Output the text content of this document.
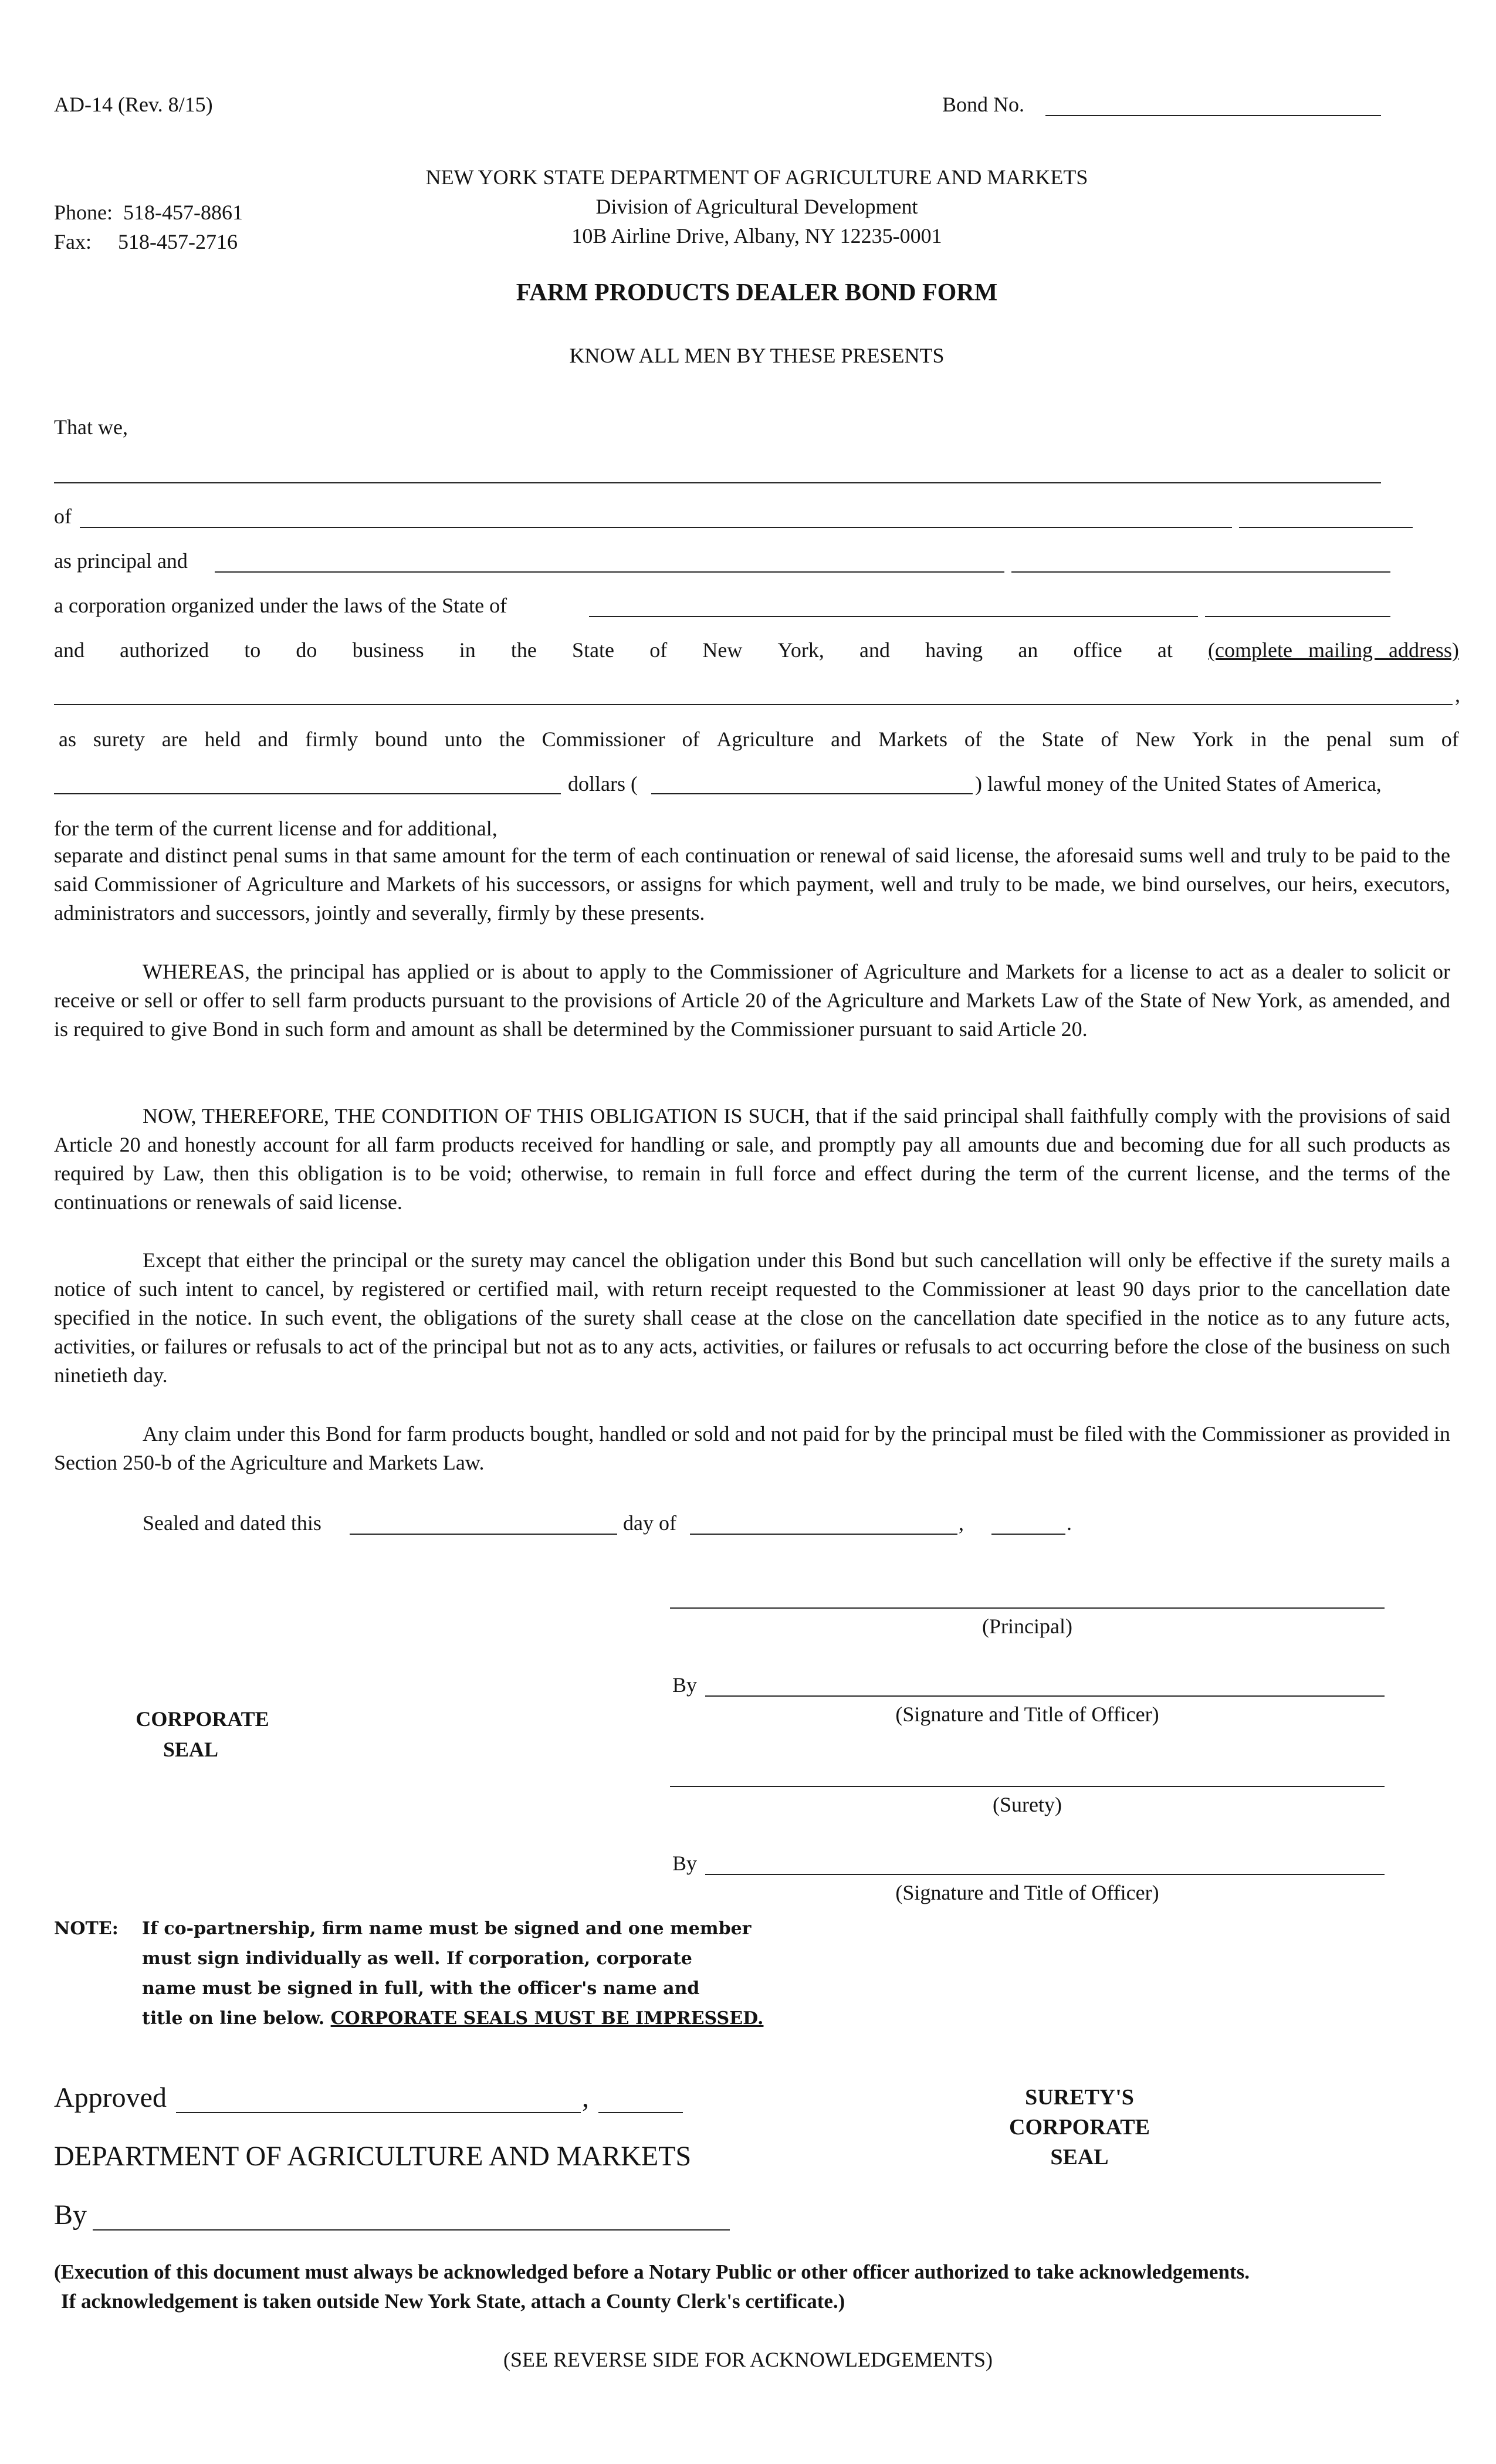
AD-14 (Rev. 8/15)	Bond No.
NEW YORK STATE DEPARTMENT OF AGRICULTURE AND MARKETS
Division of Agricultural Development
10B Airline Drive, Albany, NY 12235-0001
Phone:  518-457-8861
Fax:     518-457-2716
FARM PRODUCTS DEALER BOND FORM
KNOW ALL MEN BY THESE PRESENTS
That we,
of
as principal and
a corporation organized under the laws of the State of
and authorized to do business in the State of New York, and having an office at (complete   mailing   address)
,
as surety are held and firmly bound unto the Commissioner of Agriculture and Markets of the State of New York in the penal sum of
dollars (	) lawful money of the United States of America,
for the term of the current license and for additional,
separate and distinct penal sums in that same amount for the term of each continuation or renewal of said license, the aforesaid sums well and truly to be paid to the said Commissioner of Agriculture and Markets of his successors, or assigns for which payment, well and truly to be made, we bind ourselves, our heirs, executors, administrators and successors, jointly and severally, firmly by these presents.
WHEREAS, the principal has applied or is about to apply to the Commissioner of Agriculture and Markets for a license to act as a dealer to solicit or receive or sell or offer to sell farm products pursuant to the provisions of Article 20 of the Agriculture and Markets Law of the State of New York, as amended, and is required to give Bond in such form and amount as shall be determined by the Commissioner pursuant to said Article 20.
NOW, THEREFORE, THE CONDITION OF THIS OBLIGATION IS SUCH, that if the said principal shall faithfully comply with the provisions of said Article 20 and honestly account for all farm products received for handling or sale, and promptly pay all amounts due and becoming due for all such products as required by Law, then this obligation is to be void; otherwise, to remain in full force and effect during the term of the current license, and the terms of the continuations or renewals of said license.
Except that either the principal or the surety may cancel the obligation under this Bond but such cancellation will only be effective if the surety mails a notice of such intent to cancel, by registered or certified mail, with return receipt requested to the Commissioner at least 90 days prior to the cancellation date specified in the notice. In such event, the obligations of the surety shall cease at the close on the cancellation date specified in the notice as to any future acts, activities, or failures or refusals to act of the principal but not as to any acts, activities, or failures or refusals to act occurring before the close of the business on such ninetieth day.
Any claim under this Bond for farm products bought, handled or sold and not paid for by the principal must be filed with the Commissioner as provided in Section 250-b of the Agriculture and Markets Law.
Sealed and dated this	day of	,	.
(Principal)
By
(Signature and Title of Officer)
CORPORATE
SEAL
(Surety)
By
(Signature and Title of Officer)
NOTE: If co-partnership, firm name must be signed and one member
must sign individually as well. If corporation, corporate
name must be signed in full, with the officer's name and
title on line below. CORPORATE SEALS MUST BE IMPRESSED.
Approved	,
DEPARTMENT OF AGRICULTURE AND MARKETS
By
SURETY'S
CORPORATE
SEAL
(Execution of this document must always be acknowledged before a Notary Public or other officer authorized to take acknowledgements.
If acknowledgement is taken outside New York State, attach a County Clerk's certificate.)
(SEE REVERSE SIDE FOR ACKNOWLEDGEMENTS)
